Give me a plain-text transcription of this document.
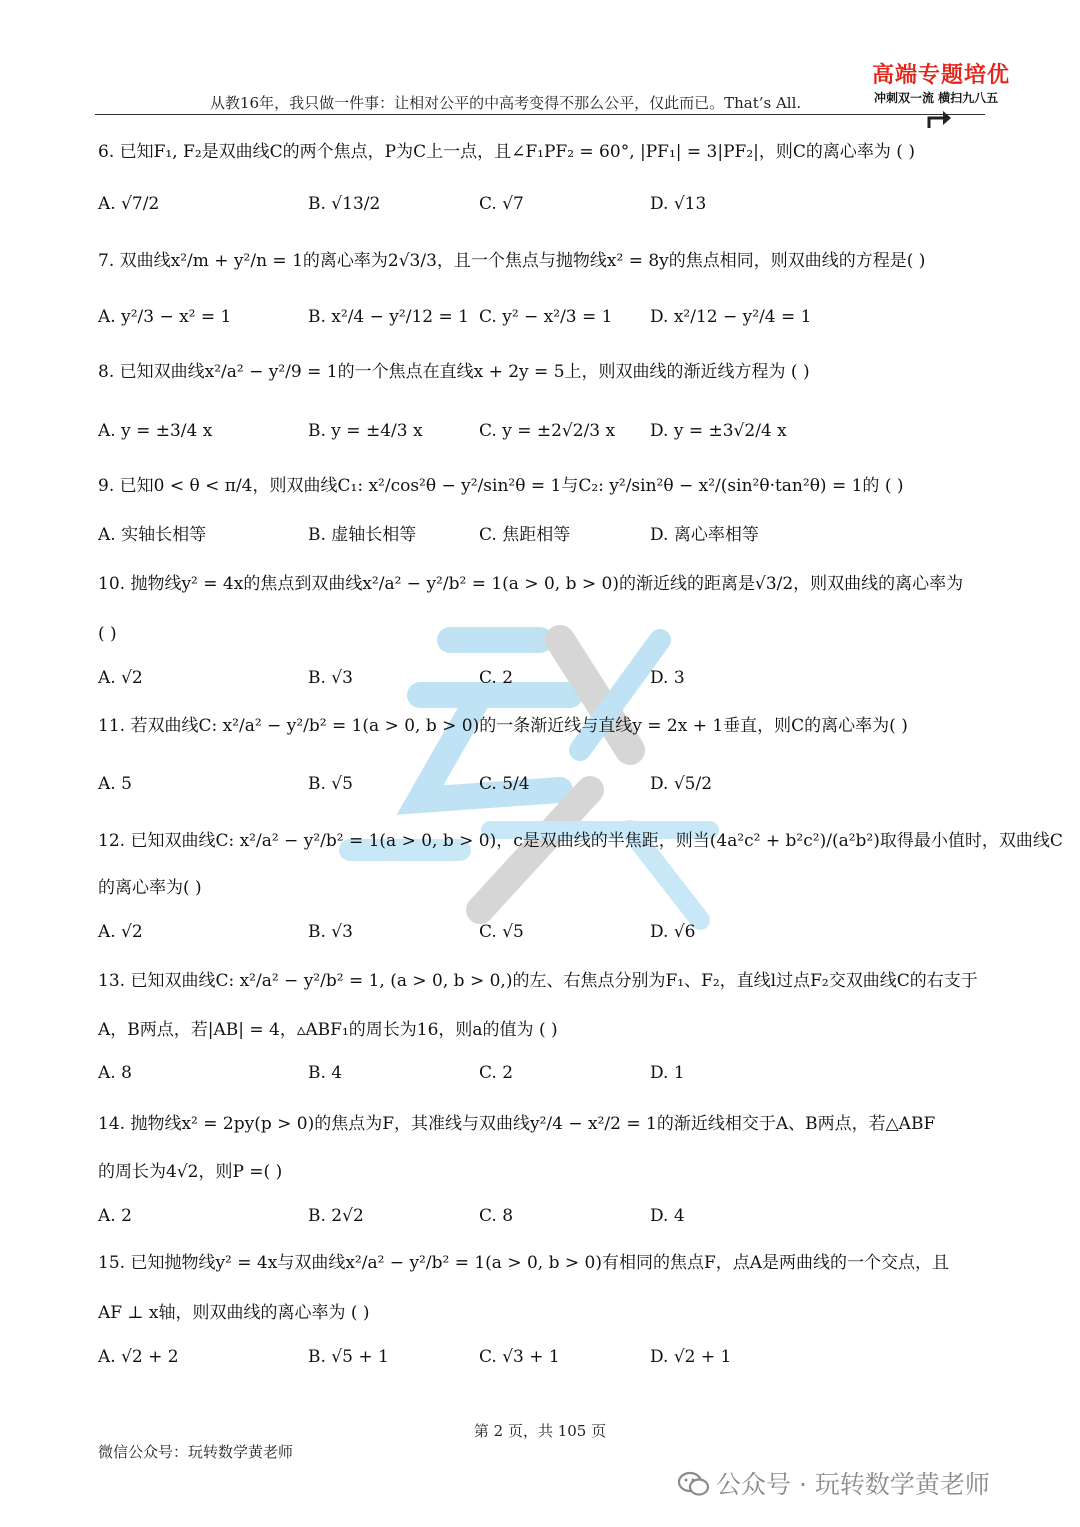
高端专题培优
冲刺双一流 横扫九八五
从教16年，我只做一件事：让相对公平的中高考变得不那么公平，仅此而已。That’s All.
6. 已知F₁, F₂是双曲线C的两个焦点，P为C上一点，且∠F₁PF₂ = 60°, |PF₁| = 3|PF₂|，则C的离心率为 ( )
A. √7/2	B. √13/2	C. √7	D. √13
7. 双曲线x²/m + y²/n = 1的离心率为2√3/3，且一个焦点与抛物线x² = 8y的焦点相同，则双曲线的方程是( )
A. y²/3 − x² = 1	B. x²/4 − y²/12 = 1 C. y² − x²/3 = 1 D. x²/12 − y²/4 = 1
8. 已知双曲线x²/a² − y²/9 = 1的一个焦点在直线x + 2y = 5上，则双曲线的渐近线方程为 ( )
A. y = ±3/4 x	B. y = ±4/3 x	C. y = ±2√2/3 x D. y = ±3√2/4 x
9. 已知0 < θ < π/4，则双曲线C₁: x²/cos²θ − y²/sin²θ = 1与C₂: y²/sin²θ − x²/(sin²θ·tan²θ) = 1的 ( )
A. 实轴长相等	B. 虚轴长相等	C. 焦距相等	D. 离心率相等
10. 抛物线y² = 4x的焦点到双曲线x²/a² − y²/b² = 1(a > 0, b > 0)的渐近线的距离是√3/2，则双曲线的离心率为
( )
A. √2	B. √3	C. 2	D. 3
11. 若双曲线C: x²/a² − y²/b² = 1(a > 0, b > 0)的一条渐近线与直线y = 2x + 1垂直，则C的离心率为( )
A. 5	B. √5	C. 5/4	D. √5/2
12. 已知双曲线C: x²/a² − y²/b² = 1(a > 0, b > 0)，c是双曲线的半焦距，则当(4a²c² + b²c²)/(a²b²)取得最小值时，双曲线C
的离心率为( )
A. √2	B. √3	C. √5	D. √6
13. 已知双曲线C: x²/a² − y²/b² = 1, (a > 0, b > 0,)的左、右焦点分别为F₁、F₂，直线l过点F₂交双曲线C的右支于
A，B两点，若|AB| = 4，▵ABF₁的周长为16，则a的值为 ( )
A. 8	B. 4	C. 2	D. 1
14. 抛物线x² = 2py(p > 0)的焦点为F，其准线与双曲线y²/4 − x²/2 = 1的渐近线相交于A、B两点，若△ABF
的周长为4√2，则P =( )
A. 2	B. 2√2	C. 8	D. 4
15. 已知抛物线y² = 4x与双曲线x²/a² − y²/b² = 1(a > 0, b > 0)有相同的焦点F，点A是两曲线的一个交点，且
AF ⊥ x轴，则双曲线的离心率为 ( )
A. √2 + 2	B. √5 + 1	C. √3 + 1	D. √2 + 1
第 2 页，共 105 页
微信公众号：玩转数学黄老师
公众号 · 玩转数学黄老师
